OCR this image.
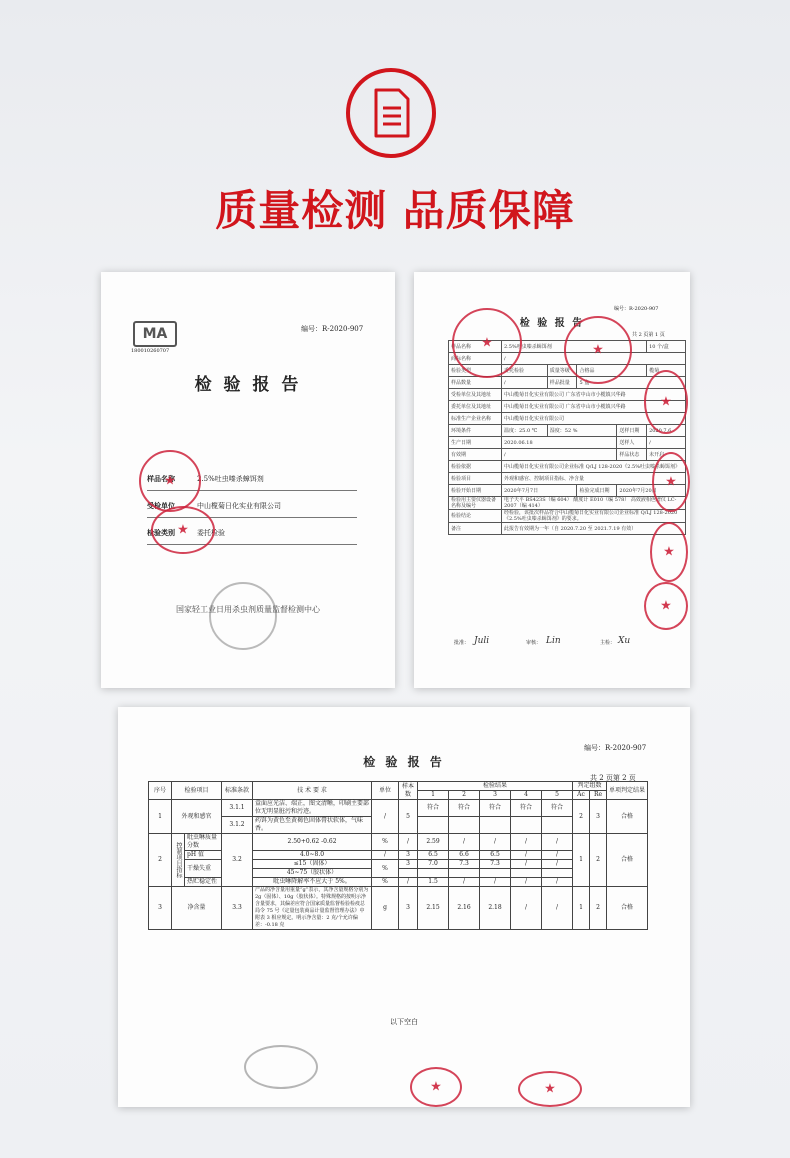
质量检测 品质保障
MA
180010260707
编号：R-2020-907
检 验 报 告
样品名称	2.5%吐虫嗪杀蟑饵剂
受检单位	中山榄菊日化实业有限公司
检验类别	委托检验
★
★
国家轻工业日用杀虫剂质量监督检测中心
编号：R-2020-907
检 验 报 告
共 2 页第 1 页
样品名称	2.5%吐虫嗪杀蟑饵剂				10 个/盒
商标名称	/				
检验类型	委托检验	质量等级	合格品		榄菊
样品数量	/	样品批量	5 盒		
受检单位及其地址	中山榄菊日化实业有限公司 广东省中山市小榄镇兴华路				
委托单位及其地址	中山榄菊日化实业有限公司 广东省中山市小榄镇兴华路				
标准生产企业名称	中山榄菊日化实业有限公司				
环境条件	温度：25.0 ℃	湿度：52 %		送样日期	2020.7.6
生产日期	2020.06.18			送样人	/
有效期	/			样品状态	未开启
检验依据	中山榄菊日化实业有限公司企业标准 Q/LJ 128-2020《2.5%吐虫嗪杀蟑饵剂》				
检验项目	外观和感官、控制项目指标、净含量				
检验开始日期	2020年7月7日		检验完成日期	2020年7月20日	
检验用主要仪器设备名称及编号	电子天平 BS423S（编 604） 酸度计 E010（编 578） 高效液相色谱仪 LC-2007（编 414）				
检验结论	经检验，该批次样品符合中山榄菊日化实业有限公司企业标准 Q/LJ 128-2020《2.5%吐虫嗪杀蟑饵剂》的要求。				
备注	此报告有效期为一年（自 2020.7.20 至 2021.7.19 有效）				
批准： Juli	审核： Lin	主检： Xu
★
★
★
★
★
★
编号：R-2020-907
检 验 报 告
共 2 页第 2 页
序号	检验项目		标准条款	技 术 要 求	单位	样本数	检验结果					判定组数		单项判定结果
							1	2	3	4	5	Ac	Re	
1	外观和感官		3.1.1	盒面应光洁、端正，图文清晰，印刷主要部位无明显脏污和污迹。	/	5	符合	符合	符合	符合	符合	2	3	合格
			3.1.2	药饵为黄色至黄褐色固体膏状软体，气味香。										
2	控制项目指标	吡虫啉质量分数	3.2	2.50+0.62 -0.62	%	/	2.59	/	/	/	/	1	2	合格
		pH 值		4.0~8.0	/	3	6.5	6.6	6.5	/	/			
		干燥失重		≤15（固体）	%	3	7.0	7.3	7.3	/	/			
				45~75（胶状体）										
		热贮稳定性		吡虫啉降解率不应大于 5%。	%	/	1.5	/	/	/	/			
3	净含量		3.3	产品的净含量用重量“g”表示，其净含量规格分别为 2g（固体）、10g（胶状体）。特殊规格的按明示净含量要求，其偏差应符合国家质量监督检验检疫总局令 75 号《定量包装商品计量监督管理办法》中附表 3 相应规定。明示净含量：2 克/个允许偏差：-0.18 克	g	3	2.15	2.16	2.18	/	/	1	2	合格
以下空白
★
★
